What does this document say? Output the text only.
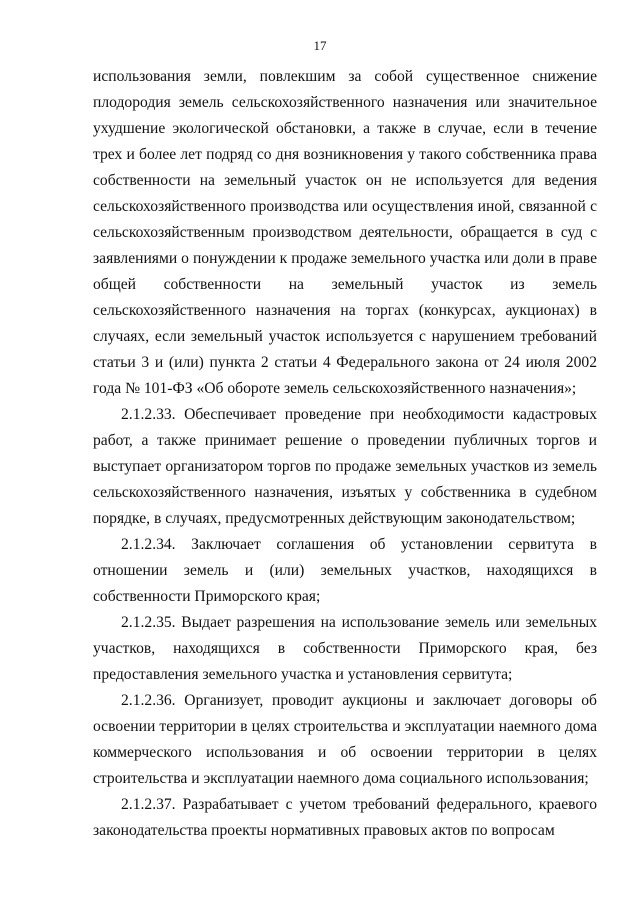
17

использования земли, повлекшим за собой существенное снижение плодородия земель сельскохозяйственного назначения или значительное ухудшение экологической обстановки, а также в случае, если в течение трех и более лет подряд со дня возникновения у такого собственника права собственности на земельный участок он не используется для ведения сельскохозяйственного производства или осуществления иной, связанной с сельскохозяйственным производством деятельности, обращается в суд с заявлениями о понуждении к продаже земельного участка или доли в праве общей собственности на земельный участок из земель сельскохозяйственного назначения на торгах (конкурсах, аукционах) в случаях, если земельный участок используется с нарушением требований статьи 3 и (или) пункта 2 статьи 4 Федерального закона от 24 июля 2002 года № 101-ФЗ «Об обороте земель сельскохозяйственного назначения»;

2.1.2.33. Обеспечивает проведение при необходимости кадастровых работ, а также принимает решение о проведении публичных торгов и выступает организатором торгов по продаже земельных участков из земель сельскохозяйственного назначения, изъятых у собственника в судебном порядке, в случаях, предусмотренных действующим законодательством;

2.1.2.34. Заключает соглашения об установлении сервитута в отношении земель и (или) земельных участков, находящихся в собственности Приморского края;

2.1.2.35. Выдает разрешения на использование земель или земельных участков, находящихся в собственности Приморского края, без предоставления земельного участка и установления сервитута;

2.1.2.36. Организует, проводит аукционы и заключает договоры об освоении территории в целях строительства и эксплуатации наемного дома коммерческого использования и об освоении территории в целях строительства и эксплуатации наемного дома социального использования;

2.1.2.37. Разрабатывает с учетом требований федерального, краевого законодательства проекты нормативных правовых актов по вопросам
